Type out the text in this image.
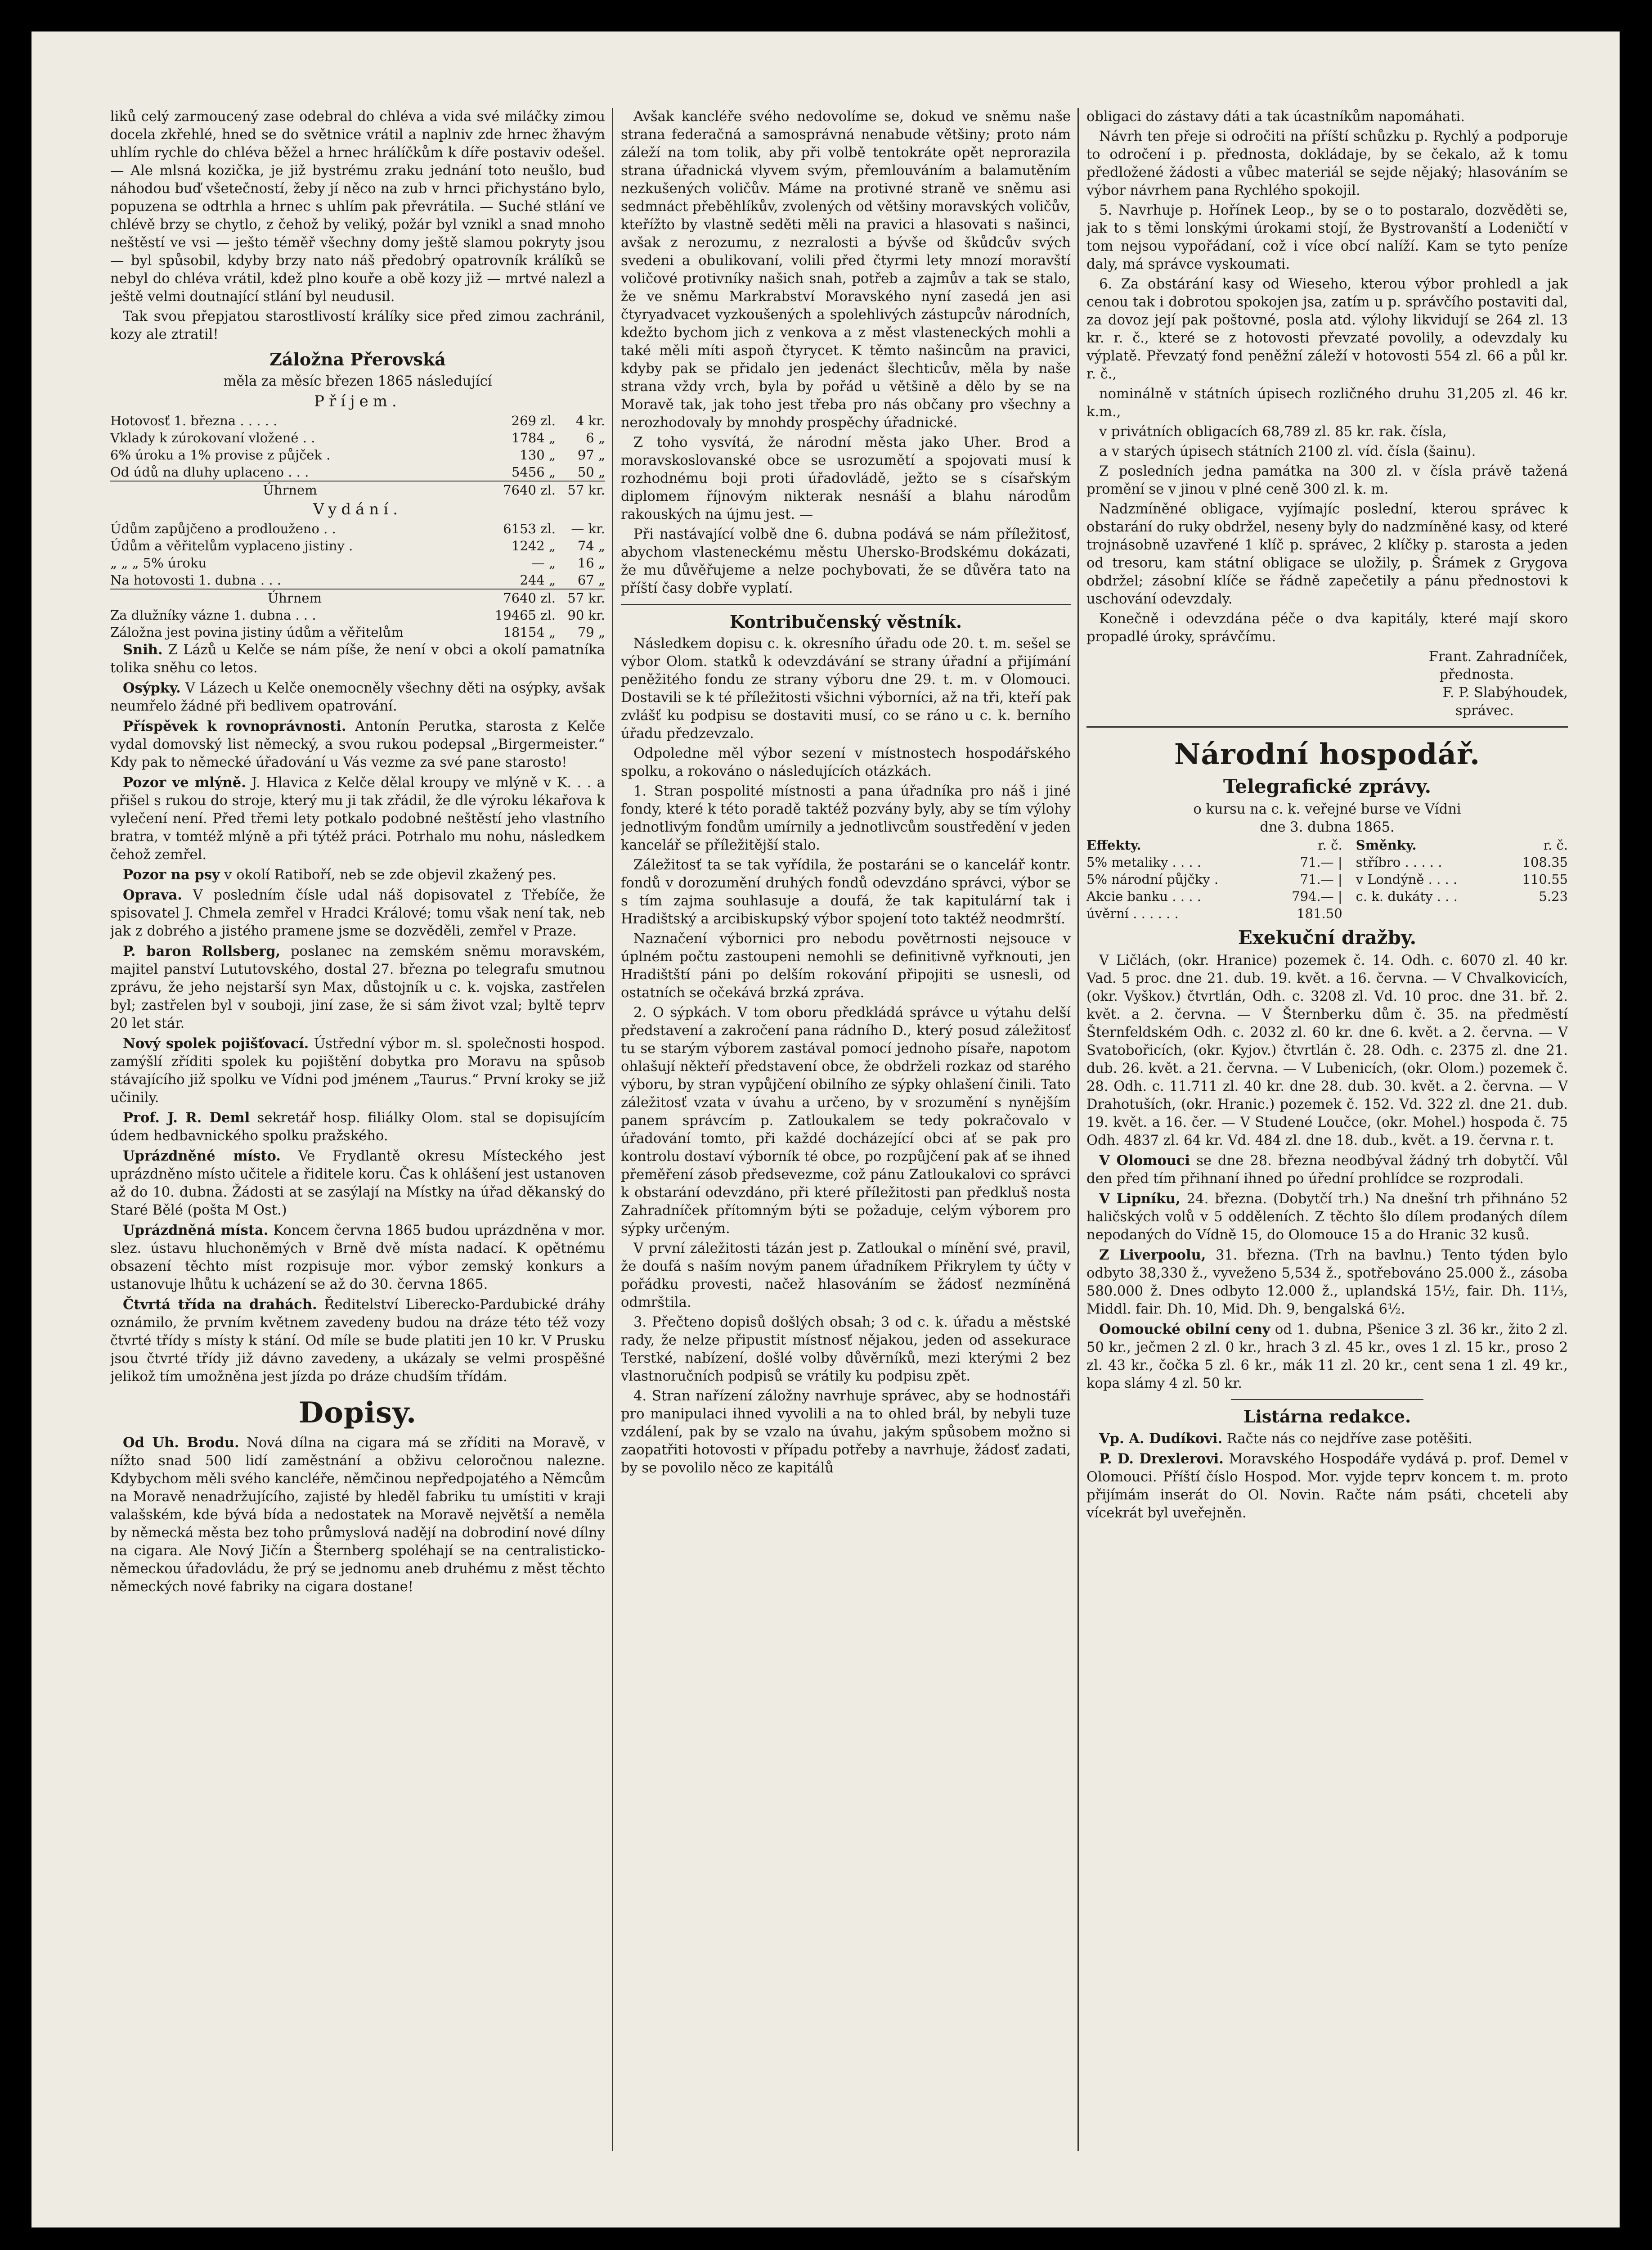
liků celý zarmoucený zase odebral do chléva a vida své miláčky zimou docela zkřehlé, hned se do světnice vrátil a naplniv zde hrnec žhavým uhlím rychle do chléva běžel a hrnec hrálíčkům k díře postaviv odešel. — Ale mlsná kozička, je již bystrému zraku jednání toto neušlo, buď náhodou buď všetečností, žeby jí něco na zub v hrnci přichystáno bylo, popuzena se odtrhla a hrnec s uhlím pak převrátila. — Suché stlání ve chlévě brzy se chytlo, z čehož by veliký, požár byl vznikl a snad mnoho neštěstí ve vsi — ješto téměř všechny domy ještě slamou pokryty jsou — byl spůsobil, kdyby brzy nato náš předobrý opatrovník králíků se nebyl do chléva vrátil, kdež plno kouře a obě kozy již — mrtvé nalezl a ještě velmi doutnající stlání byl neudusil.

Tak svou přepjatou starostlivostí králíky sice před zimou zachránil, kozy ale ztratil!

Záložna Přerovská
měla za měsíc březen 1865 následující
Příjem.
Hotovosť 1. března . . . . .	269 zl.	4 kr.
Vklady k zúrokovaní vložené . .	1784 „	6 „
6% úroku a 1% provise z půjček .	130 „	97 „
Od údů na dluhy uplaceno . . .	5456 „	50 „
Úhrnem	7640 zl.	57 kr.
Vydání.
Údům zapůjčeno a prodlouženo . .	6153 zl.	— kr.
Údům a věřitelům vyplaceno jistiny .	1242 „	74 „
„ „ „ 5% úroku	— „	16 „
Na hotovosti 1. dubna . . .	244 „	67 „
Úhrnem	7640 zl.	57 kr.
Za dlužníky vázne 1. dubna . . .	19465 zl.	90 kr.
Záložna jest povina jistiny údům a věřitelům	18154 „	79 „

Snih. Z Lázů u Kelče se nám píše, že není v obci a okolí pamatníka tolika sněhu co letos.

Osýpky. V Lázech u Kelče onemocněly všechny děti na osýpky, avšak neumřelo žádné při bedlivem opatrování.

Příspěvek k rovnoprávnosti. Antonín Perutka, starosta z Kelče vydal domovský list německý, a svou rukou podepsal „Birgermeister.“ Kdy pak to německé úřadování u Vás vezme za své pane starosto!

Pozor ve mlýně. J. Hlavica z Kelče dělal kroupy ve mlýně v K. . . a přišel s rukou do stroje, který mu ji tak zřádil, že dle výroku lékařova k vylečení není. Před třemi lety potkalo podobné neštěstí jeho vlastního bratra, v tomtéž mlýně a při týtéž práci. Potrhalo mu nohu, následkem čehož zemřel.

Pozor na psy v okolí Ratiboří, neb se zde objevil zkažený pes.

Oprava. V posledním čísle udal náš dopisovatel z Třebíče, že spisovatel J. Chmela zemřel v Hradci Králové; tomu však není tak, neb jak z dobrého a jistého pramene jsme se dozvěděli, zemřel v Praze.

P. baron Rollsberg, poslanec na zemském sněmu moravském, majitel panství Lututovského, dostal 27. března po telegrafu smutnou zprávu, že jeho nejstarší syn Max, důstojník u c. k. vojska, zastřelen byl; zastřelen byl v souboji, jiní zase, že si sám život vzal; byltě teprv 20 let stár.

Nový spolek pojišťovací. Ústřední výbor m. sl. společnosti hospod. zamýšlí zříditi spolek ku pojištění dobytka pro Moravu na spůsob stávajícího již spolku ve Vídni pod jménem „Taurus.“ První kroky se již učinily.

Prof. J. R. Deml sekretář hosp. filiálky Olom. stal se dopisujícím údem hedbavnického spolku pražského.

Uprázdněné místo. Ve Frydlantě okresu Místeckého jest uprázdněno místo učitele a řiditele koru. Čas k ohlášení jest ustanoven až do 10. dubna. Žádosti at se zasýlají na Místky na úřad děkanský do Staré Bělé (pošta M Ost.)

Uprázdněná místa. Koncem června 1865 budou uprázdněna v mor. slez. ústavu hluchoněmých v Brně dvě místa nadací. K opětnému obsazení těchto míst rozpisuje mor. výbor zemský konkurs a ustanovuje lhůtu k ucházení se až do 30. června 1865.

Čtvrtá třída na drahách. Ředitelství Liberecko-Pardubické dráhy oznámilo, že prvním květnem zavedeny budou na dráze této též vozy čtvrté třídy s místy k stání. Od míle se bude platiti jen 10 kr. V Prusku jsou čtvrté třídy již dávno zavedeny, a ukázaly se velmi prospěšné jelikož tím umožněna jest jízda po dráze chudším třídám.

Dopisy.

Od Uh. Brodu. Nová dílna na cigara má se zříditi na Moravě, v nížto snad 500 lidí zaměstnání a obživu celoročnou nalezne. Kdybychom měli svého kancléře, němčinou nepředpojatého a Němcům na Moravě nenadržujícího, zajisté by hleděl fabriku tu umístiti v kraji valašském, kde bývá bída a nedostatek na Moravě největší a neměla by německá města bez toho průmyslová nadějí na dobrodiní nové dílny na cigara. Ale Nový Jičín a Šternberg spoléhají se na centralisticko-německou úřadovládu, že prý se jednomu aneb druhému z měst těchto německých nové fabriky na cigara dostane!

Avšak kancléře svého nedovolíme se, dokud ve sněmu naše strana federačná a samosprávná nenabude většiny; proto nám záleží na tom tolik, aby při volbě tentokráte opět neprorazila strana úřadnická vlyvem svým, přemlouváním a balamutěním nezkušených voličův. Máme na protivné straně ve sněmu asi sedmnáct přeběhlíkův, zvolených od většiny moravských voličův, kteřížto by vlastně seděti měli na pravici a hlasovati s našinci, avšak z nerozumu, z nezralosti a bývše od škůdcův svých svedeni a obulikovaní, volili před čtyrmi lety mnozí moravští voličové protivníky našich snah, potřeb a zajmův a tak se stalo, že ve sněmu Markrabství Moravského nyní zasedá jen asi čtyryadvacet vyzkoušených a spolehlivých zástupcův národních, kdežto bychom jich z venkova a z měst vlasteneckých mohli a také měli míti aspoň čtyrycet. K těmto našincům na pravici, kdyby pak se přidalo jen jedenáct šlechticův, měla by naše strana vždy vrch, byla by pořád u většině a dělo by se na Moravě tak, jak toho jest třeba pro nás občany pro všechny a nerozhodovaly by mnohdy prospěchy úřadnické.

Z toho vysvítá, že národní města jako Uher. Brod a moravskoslovanské obce se usrozumětí a spojovati musí k rozhodnému boji proti úřadovládě, ježto se s císařským diplomem říjnovým nikterak nesnáší a blahu národům rakouských na újmu jest. —

Při nastávající volbě dne 6. dubna podává se nám příležitosť, abychom vlasteneckému městu Uhersko-Brodskému dokázati, že mu důvěřujeme a nelze pochybovati, že se důvěra tato na příští časy dobře vyplatí.

Kontribučenský věstník.

Následkem dopisu c. k. okresního úřadu ode 20. t. m. sešel se výbor Olom. statků k odevzdávání se strany úřadní a přijímání peněžitého fondu ze strany výboru dne 29. t. m. v Olomouci. Dostavili se k té příležitosti všichni výborníci, až na tři, kteří pak zvlášť ku podpisu se dostaviti musí, co se ráno u c. k. berního úřadu předzevzalo.

Odpoledne měl výbor sezení v místnostech hospodářského spolku, a rokováno o následujících otázkách.

1. Stran pospolité místnosti a pana úřadníka pro náš i jiné fondy, které k této poradě taktéž pozvány byly, aby se tím výlohy jednotlivým fondům umírnily a jednotlivcům soustředění v jeden kancelář se příležitější stalo.

Záležitosť ta se tak vyřídila, že postaráni se o kancelář kontr. fondů v dorozumění druhých fondů odevzdáno správci, výbor se s tím zajma souhlasuje a doufá, že tak kapitulární tak i Hradištský a arcibiskupský výbor spojení toto taktéž neodmrští.

Naznačení výbornici pro nebodu povětrnosti nejsouce v úplném počtu zastoupeni nemohli se definitivně vyřknouti, jen Hradištští páni po delším rokování připojiti se usnesli, od ostatních se očekává brzká zpráva.

2. O sýpkách. V tom oboru předkládá správce u výtahu delší představení a zakročení pana rádního D., který posud záležitosť tu se starým výborem zastával pomocí jednoho písaře, napotom ohlašují někteří představení obce, že obdrželi rozkaz od starého výboru, by stran vypůjčení obilního ze sýpky ohlašení činili. Tato záležitosť vzata v úvahu a určeno, by v srozumění s nynějším panem správcím p. Zatloukalem se tedy pokračovalo v úřadování tomto, při každé docházející obci ať se pak pro kontrolu dostaví výborník té obce, po rozpůjčení pak ať se ihned přeměření zásob předsevezme, což pánu Zatloukalovi co správci k obstarání odevzdáno, při které příležitosti pan předkluš nosta Zahradníček přítomným býti se požaduje, celým výborem pro sýpky určeným.

V první záležitosti tázán jest p. Zatloukal o mínění své, pravil, že doufá s naším novým panem úřadníkem Přikrylem ty účty v pořádku provesti, načež hlasováním se žádosť nezmíněná odmrštila.

3. Přečteno dopisů došlých obsah; 3 od c. k. úřadu a městské rady, že nelze připustit místnosť nějakou, jeden od assekurace Terstké, nabízení, došlé volby důvěrníků, mezi kterými 2 bez vlastnoručních podpisů se vrátily ku podpisu zpět.

4. Stran nařízení záložny navrhuje správec, aby se hodnostáři pro manipulaci ihned vyvolili a na to ohled brál, by nebyli tuze vzdálení, pak by se vzalo na úvahu, jakým spůsobem možno si zaopatřiti hotovosti v případu potřeby a navrhuje, žádosť zadati, by se povolilo něco ze kapitálů

obligaci do zástavy dáti a tak úcastníkům napomáhati.

Návrh ten přeje si odročiti na příští schůzku p. Rychlý a podporuje to odročení i p. přednosta, dokládaje, by se čekalo, až k tomu předložené žádosti a vůbec materiál se sejde nějaký; hlasováním se výbor návrhem pana Rychlého spokojil.

5. Navrhuje p. Hořínek Leop., by se o to postaralo, dozvěděti se, jak to s těmi lonskými úrokami stojí, že Bystrovanští a Lodeničtí v tom nejsou vypořádaní, což i více obcí nalíží. Kam se tyto peníze daly, má správce vyskoumati.

6. Za obstárání kasy od Wieseho, kterou výbor prohledl a jak cenou tak i dobrotou spokojen jsa, zatím u p. správčího postaviti dal, za dovoz její pak poštovné, posla atd. výlohy likvidují se 264 zl. 13 kr. r. č., které se z hotovosti převzaté povolily, a odevzdaly ku výplatě. Převzatý fond peněžní záleží v hotovosti 554 zl. 66 a půl kr. r. č.,

nominálně v státních úpisech rozličného druhu 31,205 zl. 46 kr. k.m.,

v privátních obligacích 68,789 zl. 85 kr. rak. čísla,

a v starých úpisech státních 2100 zl. víd. čísla (šainu).

Z posledních jedna památka na 300 zl. v čísla právě tažená promění se v jinou v plné ceně 300 zl. k. m.

Nadzmíněné obligace, vyjímajíc poslední, kterou správec k obstarání do ruky obdržel, neseny byly do nadzmíněné kasy, od které trojnásobně uzavřené 1 klíč p. správec, 2 klíčky p. starosta a jeden od tresoru, kam státní obligace se uložily, p. Šrámek z Grygova obdržel; zásobní klíče se řádně zapečetily a pánu přednostovi k uschování odevzdaly.

Konečně i odevzdána péče o dva kapitály, které mají skoro propadlé úroky, správčímu.

Frant. Zahradníček,

přednosta.

F. P. Slabýhoudek,

správec.

Národní hospodář.
Telegrafické zprávy.
o kursu na c. k. veřejné burse ve Vídni
dne 3. dubna 1865.
Effekty.	r. č.	Směnky.	r. č.
5% metaliky . . . .	71.— |	stříbro . . . . .	108.35
5% národní půjčky .	71.— |	v Londýně . . . .	110.55
Akcie banku . . . .	794.— |	c. k. dukáty . . .	5.23
úvěrní . . . . . .	181.50		
Exekuční dražby.

V Ličlách, (okr. Hranice) pozemek č. 14. Odh. c. 6070 zl. 40 kr. Vad. 5 proc. dne 21. dub. 19. květ. a 16. června. — V Chvalkovicích, (okr. Vyškov.) čtvrtlán, Odh. c. 3208 zl. Vd. 10 proc. dne 31. bř. 2. květ. a 2. června. — V Šternberku dům č. 35. na předměstí Šternfeldském Odh. c. 2032 zl. 60 kr. dne 6. květ. a 2. června. — V Svatobořicích, (okr. Kyjov.) čtvrtlán č. 28. Odh. c. 2375 zl. dne 21. dub. 26. květ. a 21. června. — V Lubenicích, (okr. Olom.) pozemek č. 28. Odh. c. 11.711 zl. 40 kr. dne 28. dub. 30. květ. a 2. června. — V Drahotuších, (okr. Hranic.) pozemek č. 152. Vd. 322 zl. dne 21. dub. 19. květ. a 16. čer. — V Studené Loučce, (okr. Mohel.) hospoda č. 75 Odh. 4837 zl. 64 kr. Vd. 484 zl. dne 18. dub., květ. a 19. června r. t.

V Olomouci se dne 28. března neodbýval žádný trh dobytčí. Vůl den před tím přihnaní ihned po úřední prohlídce se rozprodali.

V Lipníku, 24. března. (Dobytčí trh.) Na dnešní trh přihnáno 52 haličských volů v 5 odděleních. Z těchto šlo dílem prodaných dílem nepodaných do Vídně 15, do Olomouce 15 a do Hranic 32 kusů.

Z Liverpoolu, 31. března. (Trh na bavlnu.) Tento týden bylo odbyto 38,330 ž., vyveženo 5,534 ž., spotřebováno 25.000 ž., zásoba 580.000 ž. Dnes odbyto 12.000 ž., uplandská 15½, fair. Dh. 11⅓, Middl. fair. Dh. 10, Mid. Dh. 9, bengalská 6½.

Oomoucké obilní ceny od 1. dubna, Pšenice 3 zl. 36 kr., žito 2 zl. 50 kr., ječmen 2 zl. 0 kr., hrach 3 zl. 45 kr., oves 1 zl. 15 kr., proso 2 zl. 43 kr., čočka 5 zl. 6 kr., mák 11 zl. 20 kr., cent sena 1 zl. 49 kr., kopa slámy 4 zl. 50 kr.

Listárna redakce.

Vp. A. Dudíkovi. Račte nás co nejdříve zase potěšiti.

P. D. Drexlerovi. Moravského Hospodáře vydává p. prof. Demel v Olomouci. Příští číslo Hospod. Mor. vyjde teprv koncem t. m. proto přijímám inserát do Ol. Novin. Račte nám psáti, chceteli aby vícekrát byl uveřejněn.
